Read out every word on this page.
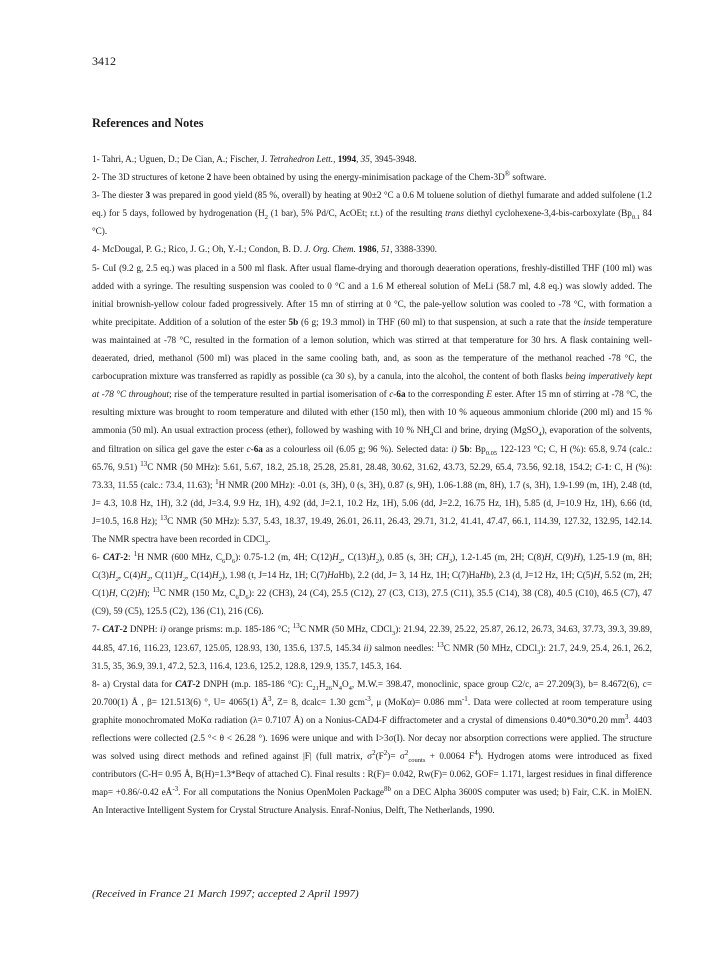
3412
References and Notes

1- Tahri, A.; Uguen, D.; De Cian, A.; Fischer, J. Tetrahedron Lett., 1994, 35, 3945-3948.

2- The 3D structures of ketone 2 have been obtained by using the energy-minimisation package of the Chem-3D® software.

3- The diester 3 was prepared in good yield (85 %, overall) by heating at 90±2 °C a 0.6 M toluene solution of diethyl fumarate and added sulfolene (1.2 eq.) for 5 days, followed by hydrogenation ($H_2$ (1 bar), 5% Pd/C, AcOEt; r.t.) of the resulting trans diethyl cyclohexene-3,4-bis-carboxylate ($Bp_{0.1}$ 84 °C).

4- McDougal, P. G.; Rico, J. G.; Oh, Y.-I.; Condon, B. D. J. Org. Chem. 1986, 51, 3388-3390.

5- CuI (9.2 g, 2.5 eq.) was placed in a 500 ml flask. After usual flame-drying and thorough deaeration operations, freshly-distilled THF (100 ml) was added with a syringe. The resulting suspension was cooled to 0 °C and a 1.6 M ethereal solution of MeLi (58.7 ml, 4.8 eq.) was slowly added. The initial brownish-yellow colour faded progressively. After 15 mn of stirring at 0 °C, the pale-yellow solution was cooled to -78 °C, with formation a white precipitate. Addition of a solution of the ester 5b (6 g; 19.3 mmol) in THF (60 ml) to that suspension, at such a rate that the inside temperature was maintained at -78 °C, resulted in the formation of a lemon solution, which was stirred at that temperature for 30 hrs. A flask containing well-deaerated, dried, methanol (500 ml) was placed in the same cooling bath, and, as soon as the temperature of the methanol reached -78 °C, the carbocupration mixture was transferred as rapidly as possible (ca 30 s), by a canula, into the alcohol, the content of both flasks being imperatively kept at -78 °C throughout; rise of the temperature resulted in partial isomerisation of c-6a to the corresponding E ester. After 15 mn of stirring at -78 °C, the resulting mixture was brought to room temperature and diluted with ether (150 ml), then with 10 % aqueous ammonium chloride (200 ml) and 15 % ammonia (50 ml). An usual extraction process (ether), followed by washing with 10 % $NH_4Cl$ and brine, drying (MgSO$_4$), evaporation of the solvents, and filtration on silica gel gave the ester c-6a as a colourless oil (6.05 g; 96 %). Selected data: i) 5b: $Bp_{0.05}$ 122-123 °C; C, H (%): 65.8, 9.74 (calc.: 65.76, 9.51) $^{13}$C NMR (50 MHz): 5.61, 5.67, 18.2, 25.18, 25.28, 25.81, 28.48, 30.62, 31.62, 43.73, 52.29, 65.4, 73.56, 92.18, 154.2; C-1: C, H (%): 73.33, 11.55 (calc.: 73.4, 11.63); $^1$H NMR (200 MHz): -0.01 (s, 3H), 0 (s, 3H), 0.87 (s, 9H), 1.06-1.88 (m, 8H), 1.7 (s, 3H), 1.9-1.99 (m, 1H), 2.48 (td, J= 4.3, 10.8 Hz, 1H), 3.2 (dd, J=3.4, 9.9 Hz, 1H), 4.92 (dd, J=2.1, 10.2 Hz, 1H), 5.06 (dd, J=2.2, 16.75 Hz, 1H), 5.85 (d, J=10.9 Hz, 1H), 6.66 (td, J=10.5, 16.8 Hz); $^{13}$C NMR (50 MHz): 5.37, 5.43, 18.37, 19.49, 26.01, 26.11, 26.43, 29.71, 31.2, 41.41, 47.47, 66.1, 114.39, 127.32, 132.95, 142.14. The NMR spectra have been recorded in CDCl$_3$.

6- CAT-2: $^1$H NMR (600 MHz, $C_6D_6$): 0.75-1.2 (m, 4H; $C(12)H_2$, $C(13)H_2$), 0.85 (s, 3H; $CH_3$), 1.2-1.45 (m, 2H; C(8)H, C(9)H), 1.25-1.9 (m, 8H; $C(3)H_2$, $C(4)H_2$, $C(11)H_2$, $C(14)H_2$), 1.98 (t, J=14 Hz, 1H; C(7)HaHb), 2.2 (dd, J= 3, 14 Hz, 1H; C(7)HaHb), 2.3 (d, J=12 Hz, 1H; C(5)H, 5.52 (m, 2H; C(1)H, C(2)H); $^{13}$C NMR (150 Mz, $C_6D_6$): 22 (CH3), 24 (C4), 25.5 (C12), 27 (C3, C13), 27.5 (C11), 35.5 (C14), 38 (C8), 40.5 (C10), 46.5 (C7), 47 (C9), 59 (C5), 125.5 (C2), 136 (C1), 216 (C6).

7- CAT-2 DNPH: i) orange prisms: m.p. 185-186 °C; $^{13}$C NMR (50 MHz, CDCl$_3$): 21.94, 22.39, 25.22, 25.87, 26.12, 26.73, 34.63, 37.73, 39.3, 39.89, 44.85, 47.16, 116.23, 123.67, 125.05, 128.93, 130, 135.6, 137.5, 145.34 ii) salmon needles: $^{13}$C NMR (50 MHz, CDCl$_3$): 21.7, 24.9, 25.4, 26.1, 26.2, 31.5, 35, 36.9, 39.1, 47.2, 52.3, 116.4, 123.6, 125.2, 128.8, 129.9, 135.7, 145.3, 164.

8- a) Crystal data for CAT-2 DNPH (m.p. 185-186 °C): $C_{21}H_{26}N_4O_4$, M.W.= 398.47, monoclinic, space group C2/c, a= 27.209(3), b= 8.4672(6), c= 20.700(1) Å , β= 121.513(6) °, U= 4065(1) $Å^3$, Z= 8, dcalc= 1.30 gcm$^{-3}$, μ (MoKα)= 0.086 $mm^{-1}$. Data were collected at room temperature using graphite monochromated MoKα radiation (λ= 0.7107 Å) on a Nonius-CAD4-F diffractometer and a crystal of dimensions 0.40*0.30*0.20 $mm^3$. 4403 reflections were collected (2.5 °< θ < 26.28 °). 1696 were unique and with I>3σ(I). Nor decay nor absorption corrections were applied. The structure was solved using direct methods and refined against |F| (full matrix, $\sigma^2(F^2)= \sigma^2_{counts} + 0.0064$ $F^4$). Hydrogen atoms were introduced as fixed contributors (C-H= 0.95 Å, B(H)=1.3*Beqv of attached C). Final results : R(F)= 0.042, Rw(F)= 0.062, GOF= 1.171, largest residues in final difference map= +0.86/-0.42 $eÅ^{-3}$. For all computations the Nonius OpenMolen Package$^{8b}$ on a DEC Alpha 3600S computer was used; b) Fair, C.K. in MolEN. An Interactive Intelligent System for Crystal Structure Analysis. Enraf-Nonius, Delft, The Netherlands, 1990.

(Received in France 21 March 1997; accepted 2 April 1997)
